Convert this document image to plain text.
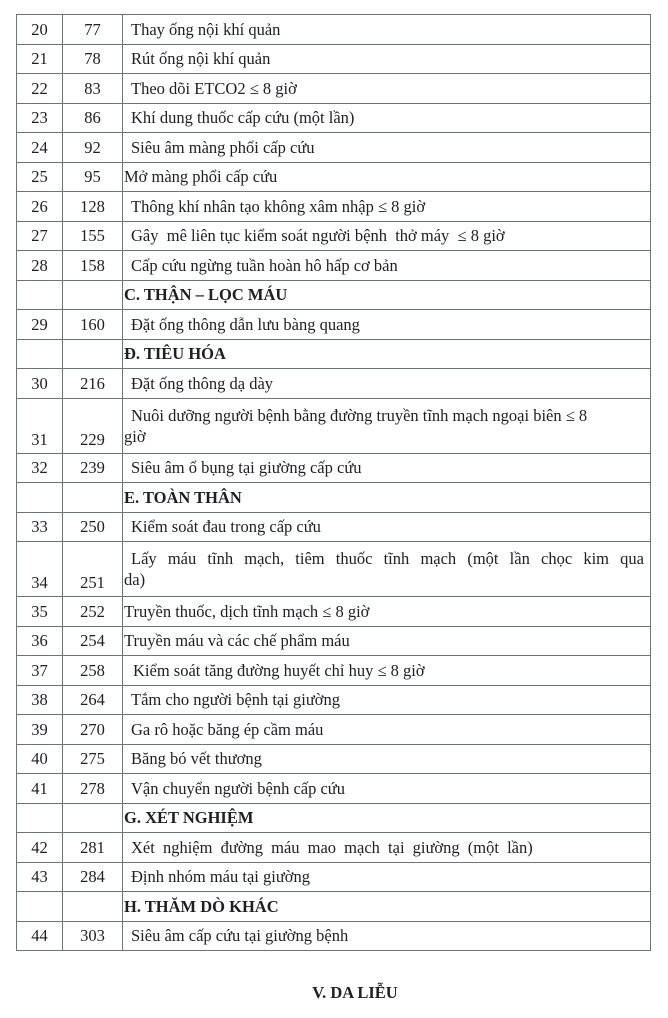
20	77	Thay ống nội khí quản
21	78	Rút ống nội khí quản
22	83	Theo dõi ETCO2 ≤ 8 giờ
23	86	Khí dung thuốc cấp cứu (một lần)
24	92	Siêu âm màng phổi cấp cứu
25	95	Mở màng phổi cấp cứu
26	128	Thông khí nhân tạo không xâm nhập ≤ 8 giờ
27	155	Gây  mê liên tục kiểm soát người bệnh  thở máy  ≤ 8 giờ
28	158	Cấp cứu ngừng tuần hoàn hô hấp cơ bản
		C. THẬN – LỌC MÁU
29	160	Đặt ống thông dẫn lưu bàng quang
		Đ. TIÊU HÓA
30	216	Đặt ống thông dạ dày
31	229	Nuôi dưỡng người bệnh bằng đường truyền tĩnh mạch ngoại biên ≤ 8
giờ

32	239	Siêu âm ổ bụng tại giường cấp cứu
		E. TOÀN THÂN
33	250	Kiểm soát đau trong cấp cứu
34	251	Lấy máu tĩnh mạch, tiêm thuốc tĩnh mạch (một lần chọc kim qua
da)

35	252	Truyền thuốc, dịch tĩnh mạch ≤ 8 giờ
36	254	Truyền máu và các chế phẩm máu
37	258	Kiểm soát tăng đường huyết chỉ huy ≤ 8 giờ
38	264	Tắm cho người bệnh tại giường
39	270	Ga rô hoặc băng ép cầm máu
40	275	Băng bó vết thương
41	278	Vận chuyển người bệnh cấp cứu
		G. XÉT NGHIỆM
42	281	Xét nghiệm đường máu mao mạch tại giường (một lần)
43	284	Định nhóm máu tại giường
		H. THĂM DÒ KHÁC
44	303	Siêu âm cấp cứu tại giường bệnh
V. DA LIỄU
